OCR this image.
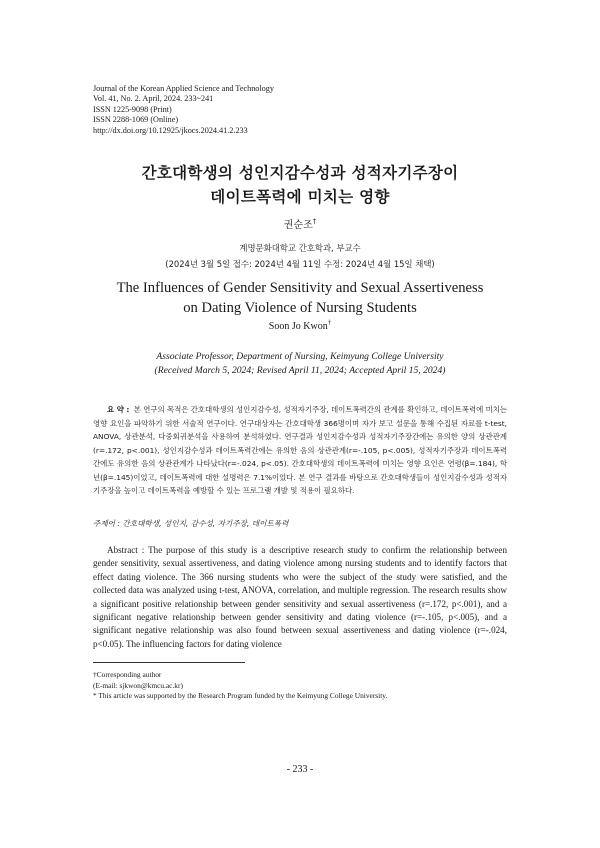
Journal of the Korean Applied Science and Technology
Vol. 41, No. 2. April, 2024. 233~241
ISSN 1225-9098 (Print)
ISSN 2288-1069 (Online)
http://dx.doi.org/10.12925/jkocs.2024.41.2.233
간호대학생의 성인지감수성과 성적자기주장이
데이트폭력에 미치는 영향
권순조†
계명문화대학교 간호학과, 부교수
(2024년 3월 5일 접수: 2024년 4월 11일 수정: 2024년 4월 15일 채택)
The Influences of Gender Sensitivity and Sexual Assertiveness
on Dating Violence of Nursing Students
Soon Jo Kwon†
Associate Professor, Department of Nursing, Keimyung College University
(Received March 5, 2024; Revised April 11, 2024; Accepted April 15, 2024)
요 약 : 본 연구의 목적은 간호대학생의 성인지감수성, 성적자기주장, 데이트폭력간의 관계를 확인하고, 데이트폭력에 미치는 영향 요인을 파악하기 위한 서술적 연구이다. 연구대상자는 간호대학생 366명이며 자가 보고 설문을 통해 수집된 자료를 t-test, ANOVA, 상관분석, 다중회귀분석을 사용하여 분석하였다. 연구결과 성인지감수성과 성적자기주장간에는 유의한 양의 상관관계(r=.172, p<.001), 성인지감수성과 데이트폭력간에는 유의한 음의 상관관계(r=-.105, p<.005), 성적자기주장과 데이트폭력간에도 유의한 음의 상관관계가 나타났다(r=-.024, p<.05). 간호대학생의 데이트폭력에 미치는 영향 요인은 연령(β=.184), 학년(β=.145)이었고, 데이트폭력에 대한 설명력은 7.1%이었다. 본 연구 결과를 바탕으로 간호대학생들이 성인지감수성과 성적자기주장을 높이고 데이트폭력을 예방할 수 있는 프로그램 개발 및 적용이 필요하다.
주제어 : 간호대학생, 성인지, 감수성, 자기주장, 데이트폭력
Abstract : The purpose of this study is a descriptive research study to confirm the relationship between gender sensitivity, sexual assertiveness, and dating violence among nursing students and to identify factors that effect dating violence. The 366 nursing students who were the subject of the study were satisfied, and the collected data was analyzed using t-test, ANOVA, correlation, and multiple regression. The research results show a significant positive relationship between gender sensitivity and sexual assertiveness (r=.172, p<.001), and a significant negative relationship between gender sensitivity and dating violence (r=-.105, p<.005), and a significant negative relationship was also found between sexual assertiveness and dating violence (r=-.024, p<0.05). The influencing factors for dating violence
†Corresponding author
(E-mail: sjkwon@kmcu.ac.kr)
* This article was supported by the Research Program funded by the Keimyung College University.
- 233 -
